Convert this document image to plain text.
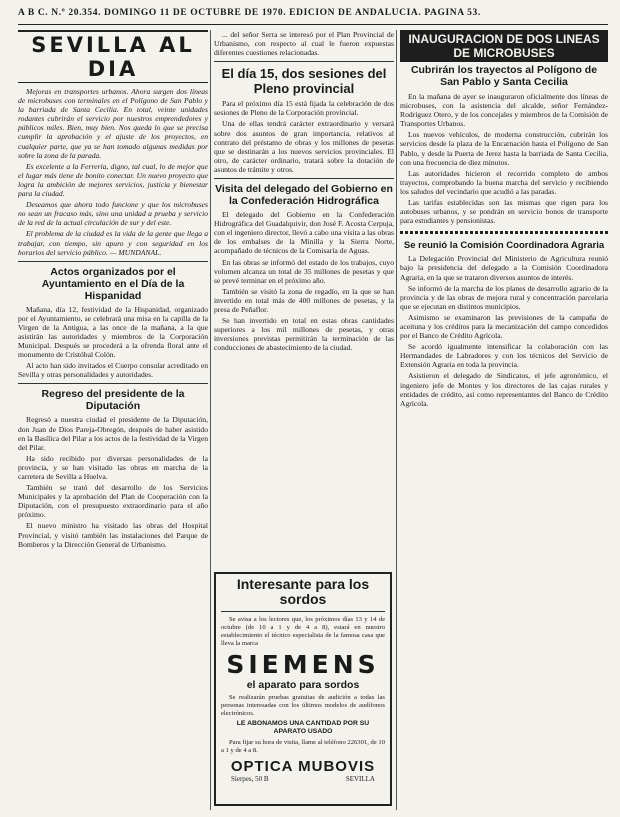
A B C. N.º 20.354. DOMINGO 11 DE OCTUBRE DE 1970. EDICION DE ANDALUCIA. PAGINA 53.
SEVILLA AL DIA

Mejoras en transportes urbanos. Ahora surgen dos líneas de microbuses con terminales en el Polígono de San Pablo y la barriada de Santa Cecilia. En total, veinte unidades rodantes cubrirán el servicio por nuestros emprendedores y públicos miles. Bien, muy bien. Nos queda lo que se precisa cumplir la aprobación y el ajuste de los proyectos, en cualquier parte, que ya se han tomado algunas medidas por sobre la zona de la parada.

Es excelente a la Ferrería, digno, tal cual, lo de mejor que el lugar más tiene de bonito conectar. Un nuevo proyecto que logra la ambición de mejores servicios, justicia y bienestar para la ciudad.

Deseamos que ahora todo funcione y que los microbuses no sean un fracaso más, sino una unidad a prueba y servicio de la red de la actual circulación de sur y del este.

El problema de la ciudad es la vida de la gente que llega a trabajar, con tiempo, sin apuro y con seguridad en los horarios del servicio público. — MUNDANAL.

Actos organizados por el Ayuntamiento en el Día de la Hispanidad

Mañana, día 12, festividad de la Hispanidad, organizado por el Ayuntamiento, se celebrará una misa en la capilla de la Virgen de la Antigua, a las once de la mañana, a la que asistirán las autoridades y miembros de la Corporación Municipal. Después se procederá a la ofrenda floral ante el monumento de Cristóbal Colón.

Al acto han sido invitados el Cuerpo consular acreditado en Sevilla y otras personalidades y autoridades.

Regreso del presidente de la Diputación

Regresó a nuestra ciudad el presidente de la Diputación, don Juan de Dios Pareja-Obregón, después de haber asistido en la Basílica del Pilar a los actos de la festividad de la Virgen del Pilar.

Ha sido recibido por diversas personalidades de la provincia, y se han visitado las obras en marcha de la carretera de Sevilla a Huelva.

También se trató del desarrollo de los Servicios Municipales y la aprobación del Plan de Cooperación con la Diputación, con el presupuesto extraordinario para el año próximo.

El nuevo ministro ha visitado las obras del Hospital Provincial, y visitó también las instalaciones del Parque de Bomberos y la Dirección General de Urbanismo.

... del señor Serra se interesó por el Plan Provincial de Urbanismo, con respecto al cual le fueron expuestas diferentes cuestiones relacionadas.

El día 15, dos sesiones del Pleno provincial

Para el próximo día 15 está fijada la celebración de dos sesiones de Pleno de la Corporación provincial.

Una de ellas tendrá carácter extraordinario y versará sobre dos asuntos de gran importancia, relativos al contrato del préstamo de obras y los millones de pesetas que se destinarán a los nuevos servicios provinciales. El otro, de carácter ordinario, tratará sobre la dotación de asuntos de trámite y otros.

Visita del delegado del Gobierno en la Confederación Hidrográfica

El delegado del Gobierno en la Confederación Hidrográfica del Guadalquivir, don José F. Acosta Cerpuja, con el ingeniero director, llevó a cabo una visita a las obras de los embalses de la Minilla y la Sierra Norte, acompañado de técnicos de la Comisaría de Aguas.

En las obras se informó del estado de los trabajos, cuyo volumen alcanza un total de 35 millones de pesetas y que se prevé terminar en el próximo año.

También se visitó la zona de regadío, en la que se han invertido en total más de 400 millones de pesetas, y la presa de Peñaflor.

Se han invertido en total en estas obras cantidades superiores a los mil millones de pesetas, y otras inversiones previstas permitirán la terminación de las conducciones de abastecimiento de la ciudad.

Interesante para los sordos

Se avisa a los lectores que, los próximos días 13 y 14 de octubre (de 10 a 1 y de 4 a 8), estará en nuestro establecimiento el técnico especialista de la famosa casa que lleva la marca

SIEMENS
el aparato para sordos

Se realizarán pruebas gratuitas de audición a todas las personas interesadas con los últimos modelos de audífonos electrónicos.

LE ABONAMOS UNA CANTIDAD POR SU APARATO USADO

Para fijar su hora de visita, llame al teléfono 226301, de 10 a 1 y de 4 a 8.

OPTICA MUBOVIS
Sierpes, 50 B	SEVILLA
INAUGURACION DE DOS LINEAS DE MICROBUSES
Cubrirán los trayectos al Polígono de San Pablo y Santa Cecilia

En la mañana de ayer se inauguraron oficialmente dos líneas de microbuses, con la asistencia del alcalde, señor Fernández-Rodríguez Otero, y de los concejales y miembros de la Comisión de Transportes Urbanos.

Los nuevos vehículos, de moderna construcción, cubrirán los servicios desde la plaza de la Encarnación hasta el Polígono de San Pablo, y desde la Puerta de Jerez hasta la barriada de Santa Cecilia, con una frecuencia de diez minutos.

Las autoridades hicieron el recorrido completo de ambos trayectos, comprobando la buena marcha del servicio y recibiendo los saludos del vecindario que acudió a las paradas.

Las tarifas establecidas son las mismas que rigen para los autobuses urbanos, y se pondrán en servicio bonos de transporte para estudiantes y pensionistas.

Se reunió la Comisión Coordinadora Agraria

La Delegación Provincial del Ministerio de Agricultura reunió bajo la presidencia del delegado a la Comisión Coordinadora Agraria, en la que se trataron diversos asuntos de interés.

Se informó de la marcha de los planes de desarrollo agrario de la provincia y de las obras de mejora rural y concentración parcelaria que se ejecutan en distintos municipios.

Asimismo se examinaron las previsiones de la campaña de aceituna y los créditos para la mecanización del campo concedidos por el Banco de Crédito Agrícola.

Se acordó igualmente intensificar la colaboración con las Hermandades de Labradores y con los técnicos del Servicio de Extensión Agraria en toda la provincia.

Asistieron el delegado de Sindicatos, el jefe agronómico, el ingeniero jefe de Montes y los directores de las cajas rurales y entidades de crédito, así como representantes del Banco de Crédito Agrícola.
